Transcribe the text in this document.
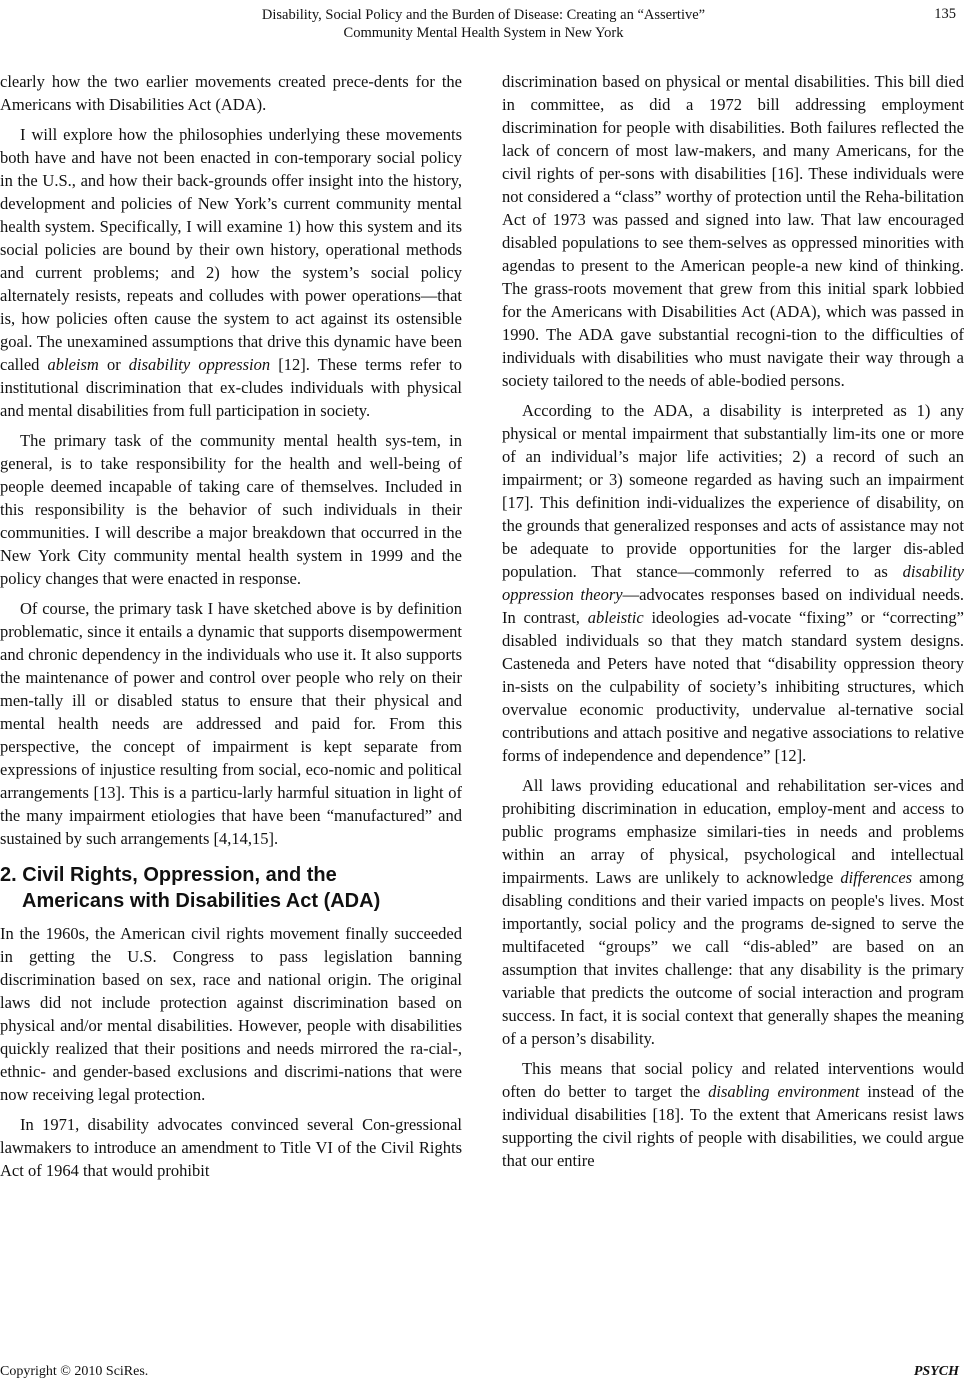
Disability, Social Policy and the Burden of Disease: Creating an “Assertive”
Community Mental Health System in New York
135

clearly how the two earlier movements created prece-dents for the Americans with Disabilities Act (ADA).

I will explore how the philosophies underlying these movements both have and have not been enacted in con-temporary social policy in the U.S., and how their back-grounds offer insight into the history, development and policies of New York’s current community mental health system. Specifically, I will examine 1) how this system and its social policies are bound by their own history, operational methods and current problems; and 2) how the system’s social policy alternately resists, repeats and colludes with power operations—that is, how policies often cause the system to act against its ostensible goal. The unexamined assumptions that drive this dynamic have been called ableism or disability oppression [12]. These terms refer to institutional discrimination that ex-cludes individuals with physical and mental disabilities from full participation in society.

The primary task of the community mental health sys-tem, in general, is to take responsibility for the health and well-being of people deemed incapable of taking care of themselves. Included in this responsibility is the behavior of such individuals in their communities. I will describe a major breakdown that occurred in the New York City community mental health system in 1999 and the policy changes that were enacted in response.

Of course, the primary task I have sketched above is by definition problematic, since it entails a dynamic that supports disempowerment and chronic dependency in the individuals who use it. It also supports the maintenance of power and control over people who rely on their men-tally ill or disabled status to ensure that their physical and mental health needs are addressed and paid for. From this perspective, the concept of impairment is kept separate from expressions of injustice resulting from social, eco-nomic and political arrangements [13]. This is a particu-larly harmful situation in light of the many impairment etiologies that have been “manufactured” and sustained by such arrangements [4,14,15].

2. Civil Rights, Oppression, and the
Americans with Disabilities Act (ADA)

In the 1960s, the American civil rights movement finally succeeded in getting the U.S. Congress to pass legislation banning discrimination based on sex, race and national origin. The original laws did not include protection against discrimination based on physical and/or mental disabilities. However, people with disabilities quickly realized that their positions and needs mirrored the ra-cial-, ethnic- and gender-based exclusions and discrimi-nations that were now receiving legal protection.

In 1971, disability advocates convinced several Con-gressional lawmakers to introduce an amendment to Title VI of the Civil Rights Act of 1964 that would prohibit

discrimination based on physical or mental disabilities. This bill died in committee, as did a 1972 bill addressing employment discrimination for people with disabilities. Both failures reflected the lack of concern of most law-makers, and many Americans, for the civil rights of per-sons with disabilities [16]. These individuals were not considered a “class” worthy of protection until the Reha-bilitation Act of 1973 was passed and signed into law. That law encouraged disabled populations to see them-selves as oppressed minorities with agendas to present to the American people-a new kind of thinking. The grass-roots movement that grew from this initial spark lobbied for the Americans with Disabilities Act (ADA), which was passed in 1990. The ADA gave substantial recogni-tion to the difficulties of individuals with disabilities who must navigate their way through a society tailored to the needs of able-bodied persons.

According to the ADA, a disability is interpreted as 1) any physical or mental impairment that substantially lim-its one or more of an individual’s major life activities; 2) a record of such an impairment; or 3) someone regarded as having such an impairment [17]. This definition indi-vidualizes the experience of disability, on the grounds that generalized responses and acts of assistance may not be adequate to provide opportunities for the larger dis-abled population. That stance—commonly referred to as disability oppression theory—advocates responses based on individual needs. In contrast, ableistic ideologies ad-vocate “fixing” or “correcting” disabled individuals so that they match standard system designs. Casteneda and Peters have noted that “disability oppression theory in-sists on the culpability of society’s inhibiting structures, which overvalue economic productivity, undervalue al-ternative social contributions and attach positive and negative associations to relative forms of independence and dependence” [12].

All laws providing educational and rehabilitation ser-vices and prohibiting discrimination in education, employ-ment and access to public programs emphasize similari-ties in needs and problems within an array of physical, psychological and intellectual impairments. Laws are unlikely to acknowledge differences among disabling conditions and their varied impacts on people's lives. Most importantly, social policy and the programs de-signed to serve the multifaceted “groups” we call “dis-abled” are based on an assumption that invites challenge: that any disability is the primary variable that predicts the outcome of social interaction and program success. In fact, it is social context that generally shapes the meaning of a person’s disability.

This means that social policy and related interventions would often do better to target the disabling environment instead of the individual disabilities [18]. To the extent that Americans resist laws supporting the civil rights of people with disabilities, we could argue that our entire

Copyright © 2010 SciRes.	PSYCH
